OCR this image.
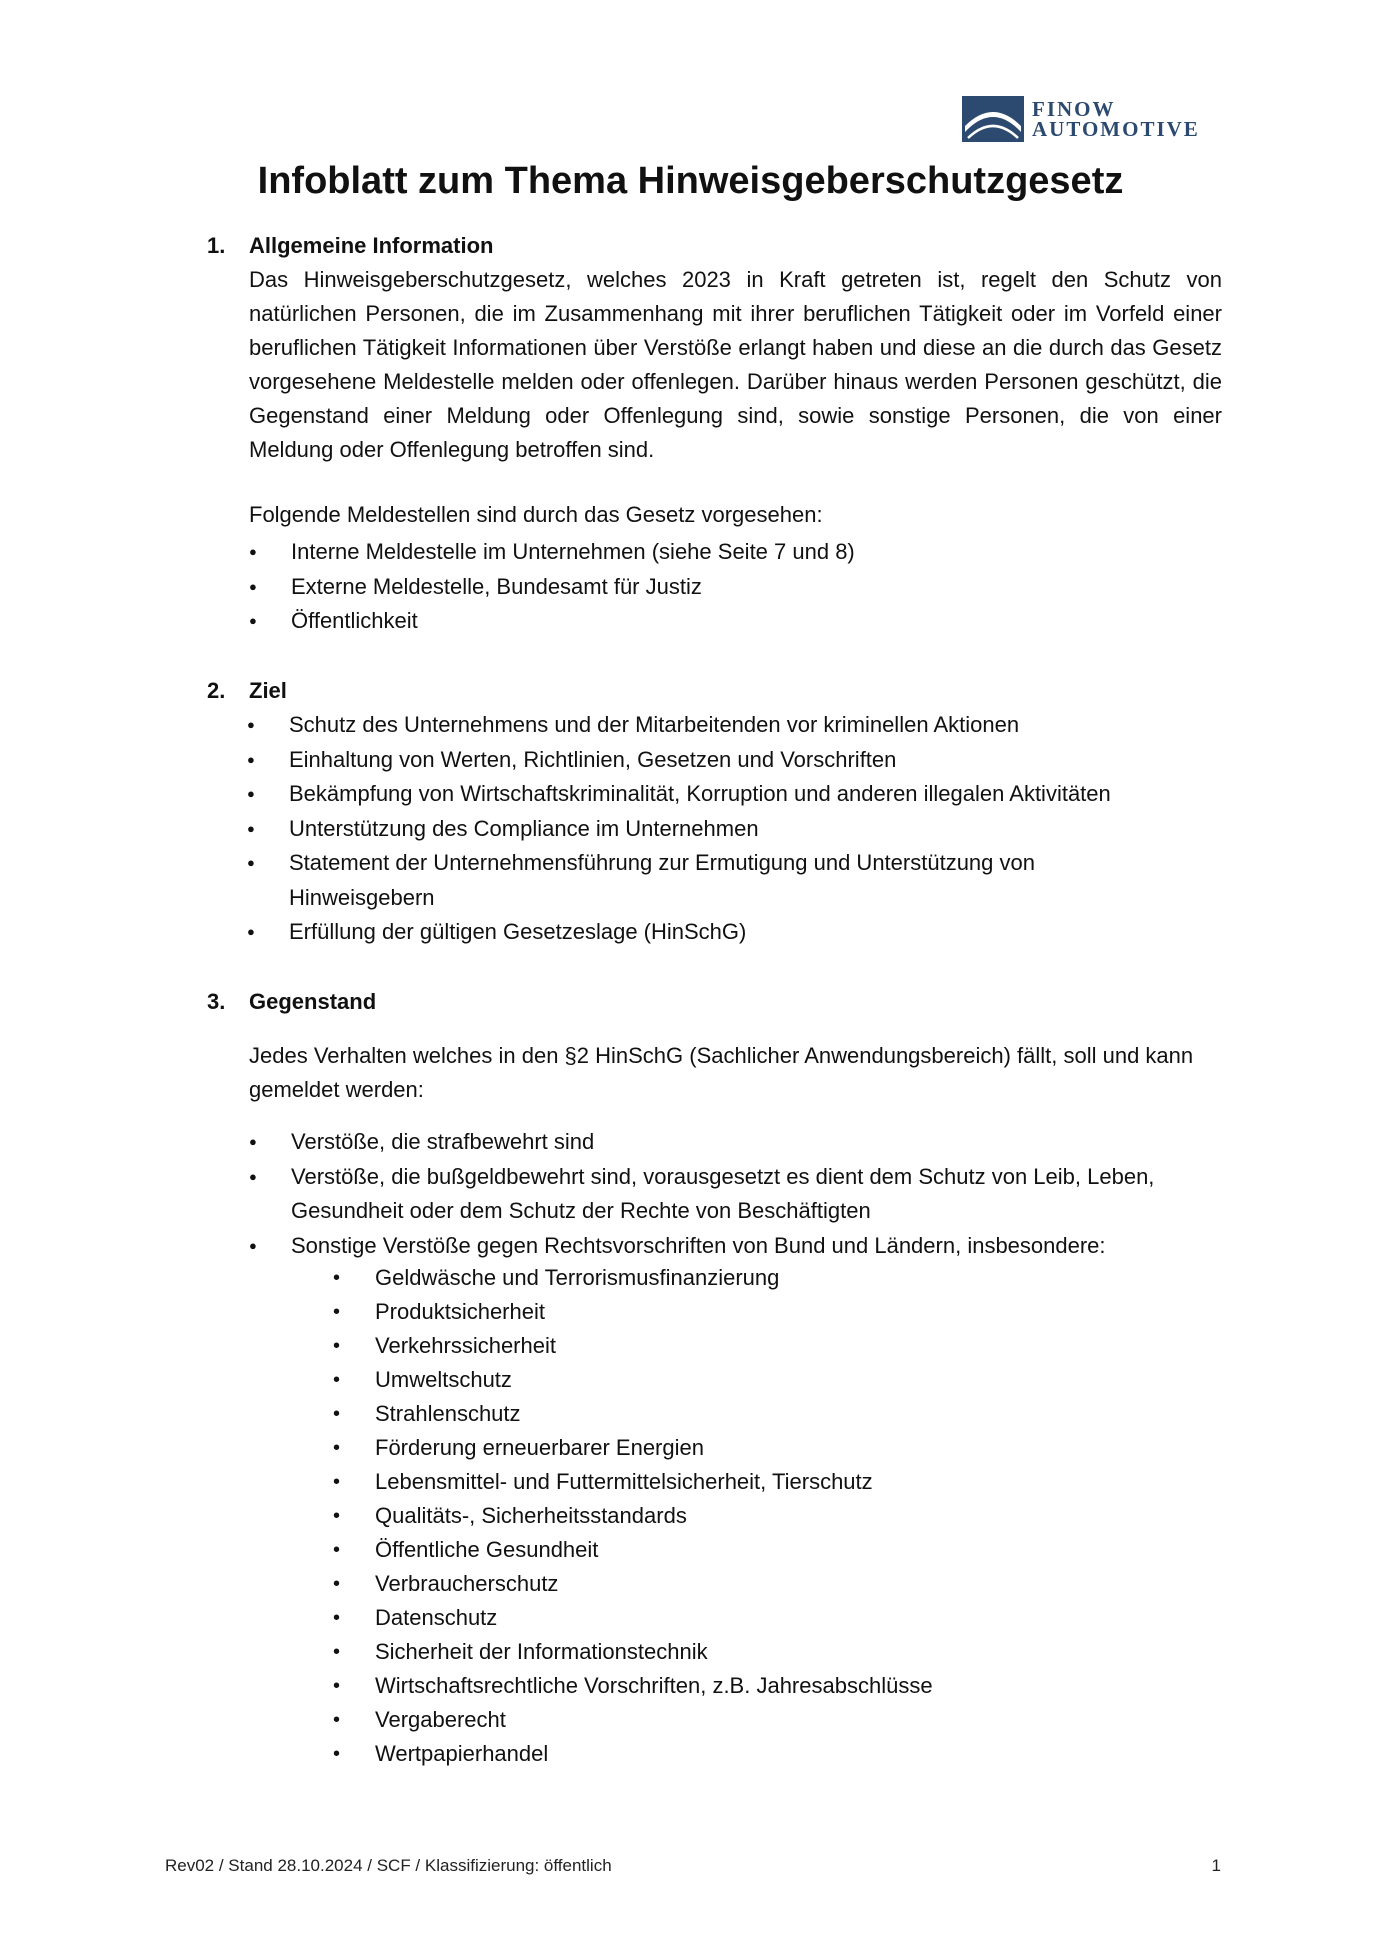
FINOW
AUTOMOTIVE
Infoblatt zum Thema Hinweisgeberschutzgesetz
1. Allgemeine Information

Das Hinweisgeberschutzgesetz, welches 2023 in Kraft getreten ist, regelt den Schutz von natürlichen Personen, die im Zusammenhang mit ihrer beruflichen Tätigkeit oder im Vorfeld einer beruflichen Tätigkeit Informationen über Verstöße erlangt haben und diese an die durch das Gesetz vorgesehene Meldestelle melden oder offenlegen. Darüber hinaus werden Personen geschützt, die Gegenstand einer Meldung oder Offenlegung sind, sowie sonstige Personen, die von einer Meldung oder Offenlegung betroffen sind.

Folgende Meldestellen sind durch das Gesetz vorgesehen:

● Interne Meldestelle im Unternehmen (siehe Seite 7 und 8)
● Externe Meldestelle, Bundesamt für Justiz
● Öffentlichkeit
2. Ziel
● Schutz des Unternehmens und der Mitarbeitenden vor kriminellen Aktionen
● Einhaltung von Werten, Richtlinien, Gesetzen und Vorschriften
● Bekämpfung von Wirtschaftskriminalität, Korruption und anderen illegalen Aktivitäten
● Unterstützung des Compliance im Unternehmen
● Statement der Unternehmensführung zur Ermutigung und Unterstützung von Hinweisgebern
● Erfüllung der gültigen Gesetzeslage (HinSchG)
3. Gegenstand

Jedes Verhalten welches in den §2 HinSchG (Sachlicher Anwendungsbereich) fällt, soll und kann gemeldet werden:

● Verstöße, die strafbewehrt sind
● Verstöße, die bußgeldbewehrt sind, vorausgesetzt es dient dem Schutz von Leib, Leben, Gesundheit oder dem Schutz der Rechte von Beschäftigten
● Sonstige Verstöße gegen Rechtsvorschriften von Bund und Ländern, insbesondere:
• Geldwäsche und Terrorismusfinanzierung
• Produktsicherheit
• Verkehrssicherheit
• Umweltschutz
• Strahlenschutz
• Förderung erneuerbarer Energien
• Lebensmittel- und Futtermittelsicherheit, Tierschutz
• Qualitäts-, Sicherheitsstandards
• Öffentliche Gesundheit
• Verbraucherschutz
• Datenschutz
• Sicherheit der Informationstechnik
• Wirtschaftsrechtliche Vorschriften, z.B. Jahresabschlüsse
• Vergaberecht
• Wertpapierhandel
Rev02 / Stand 28.10.2024 / SCF / Klassifizierung: öffentlich	1
